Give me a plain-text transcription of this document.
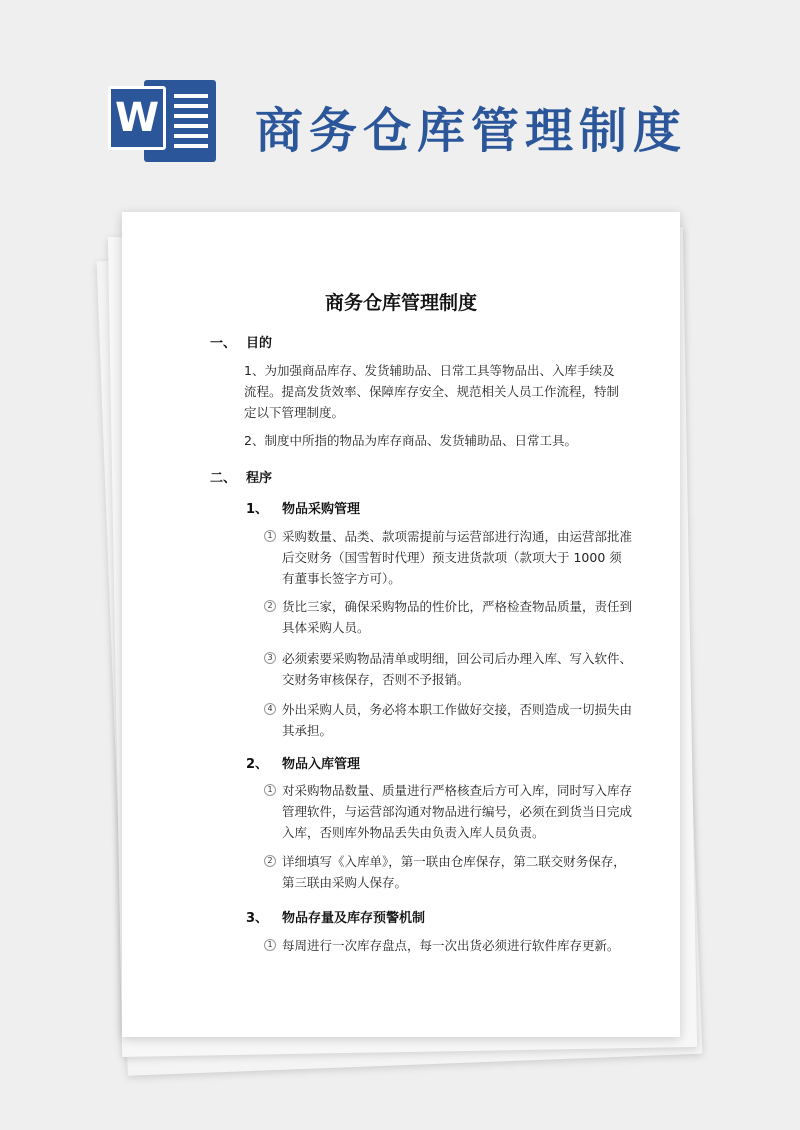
W 商务仓库管理制度
商务仓库管理制度
一、 目的
1、为加强商品库存、发货辅助品、日常工具等物品出、入库手续及流程。提高发货效率、保障库存安全、规范相关人员工作流程，特制定以下管理制度。
2、制度中所指的物品为库存商品、发货辅助品、日常工具。
二、 程序
1、	物品采购管理
1 采购数量、品类、款项需提前与运营部进行沟通，由运营部批准后交财务（国雪暂时代理）预支进货款项（款项大于 1000 须有董事长签字方可）。
2 货比三家，确保采购物品的性价比，严格检查物品质量，责任到具体采购人员。
3 必须索要采购物品清单或明细，回公司后办理入库、写入软件、交财务审核保存，否则不予报销。
4 外出采购人员，务必将本职工作做好交接，否则造成一切损失由其承担。
2、	物品入库管理
1 对采购物品数量、质量进行严格核查后方可入库，同时写入库存管理软件，与运营部沟通对物品进行编号，必须在到货当日完成入库，否则库外物品丢失由负责入库人员负责。
2 详细填写《入库单》，第一联由仓库保存，第二联交财务保存，第三联由采购人保存。
3、	物品存量及库存预警机制
1 每周进行一次库存盘点，每一次出货必须进行软件库存更新。
